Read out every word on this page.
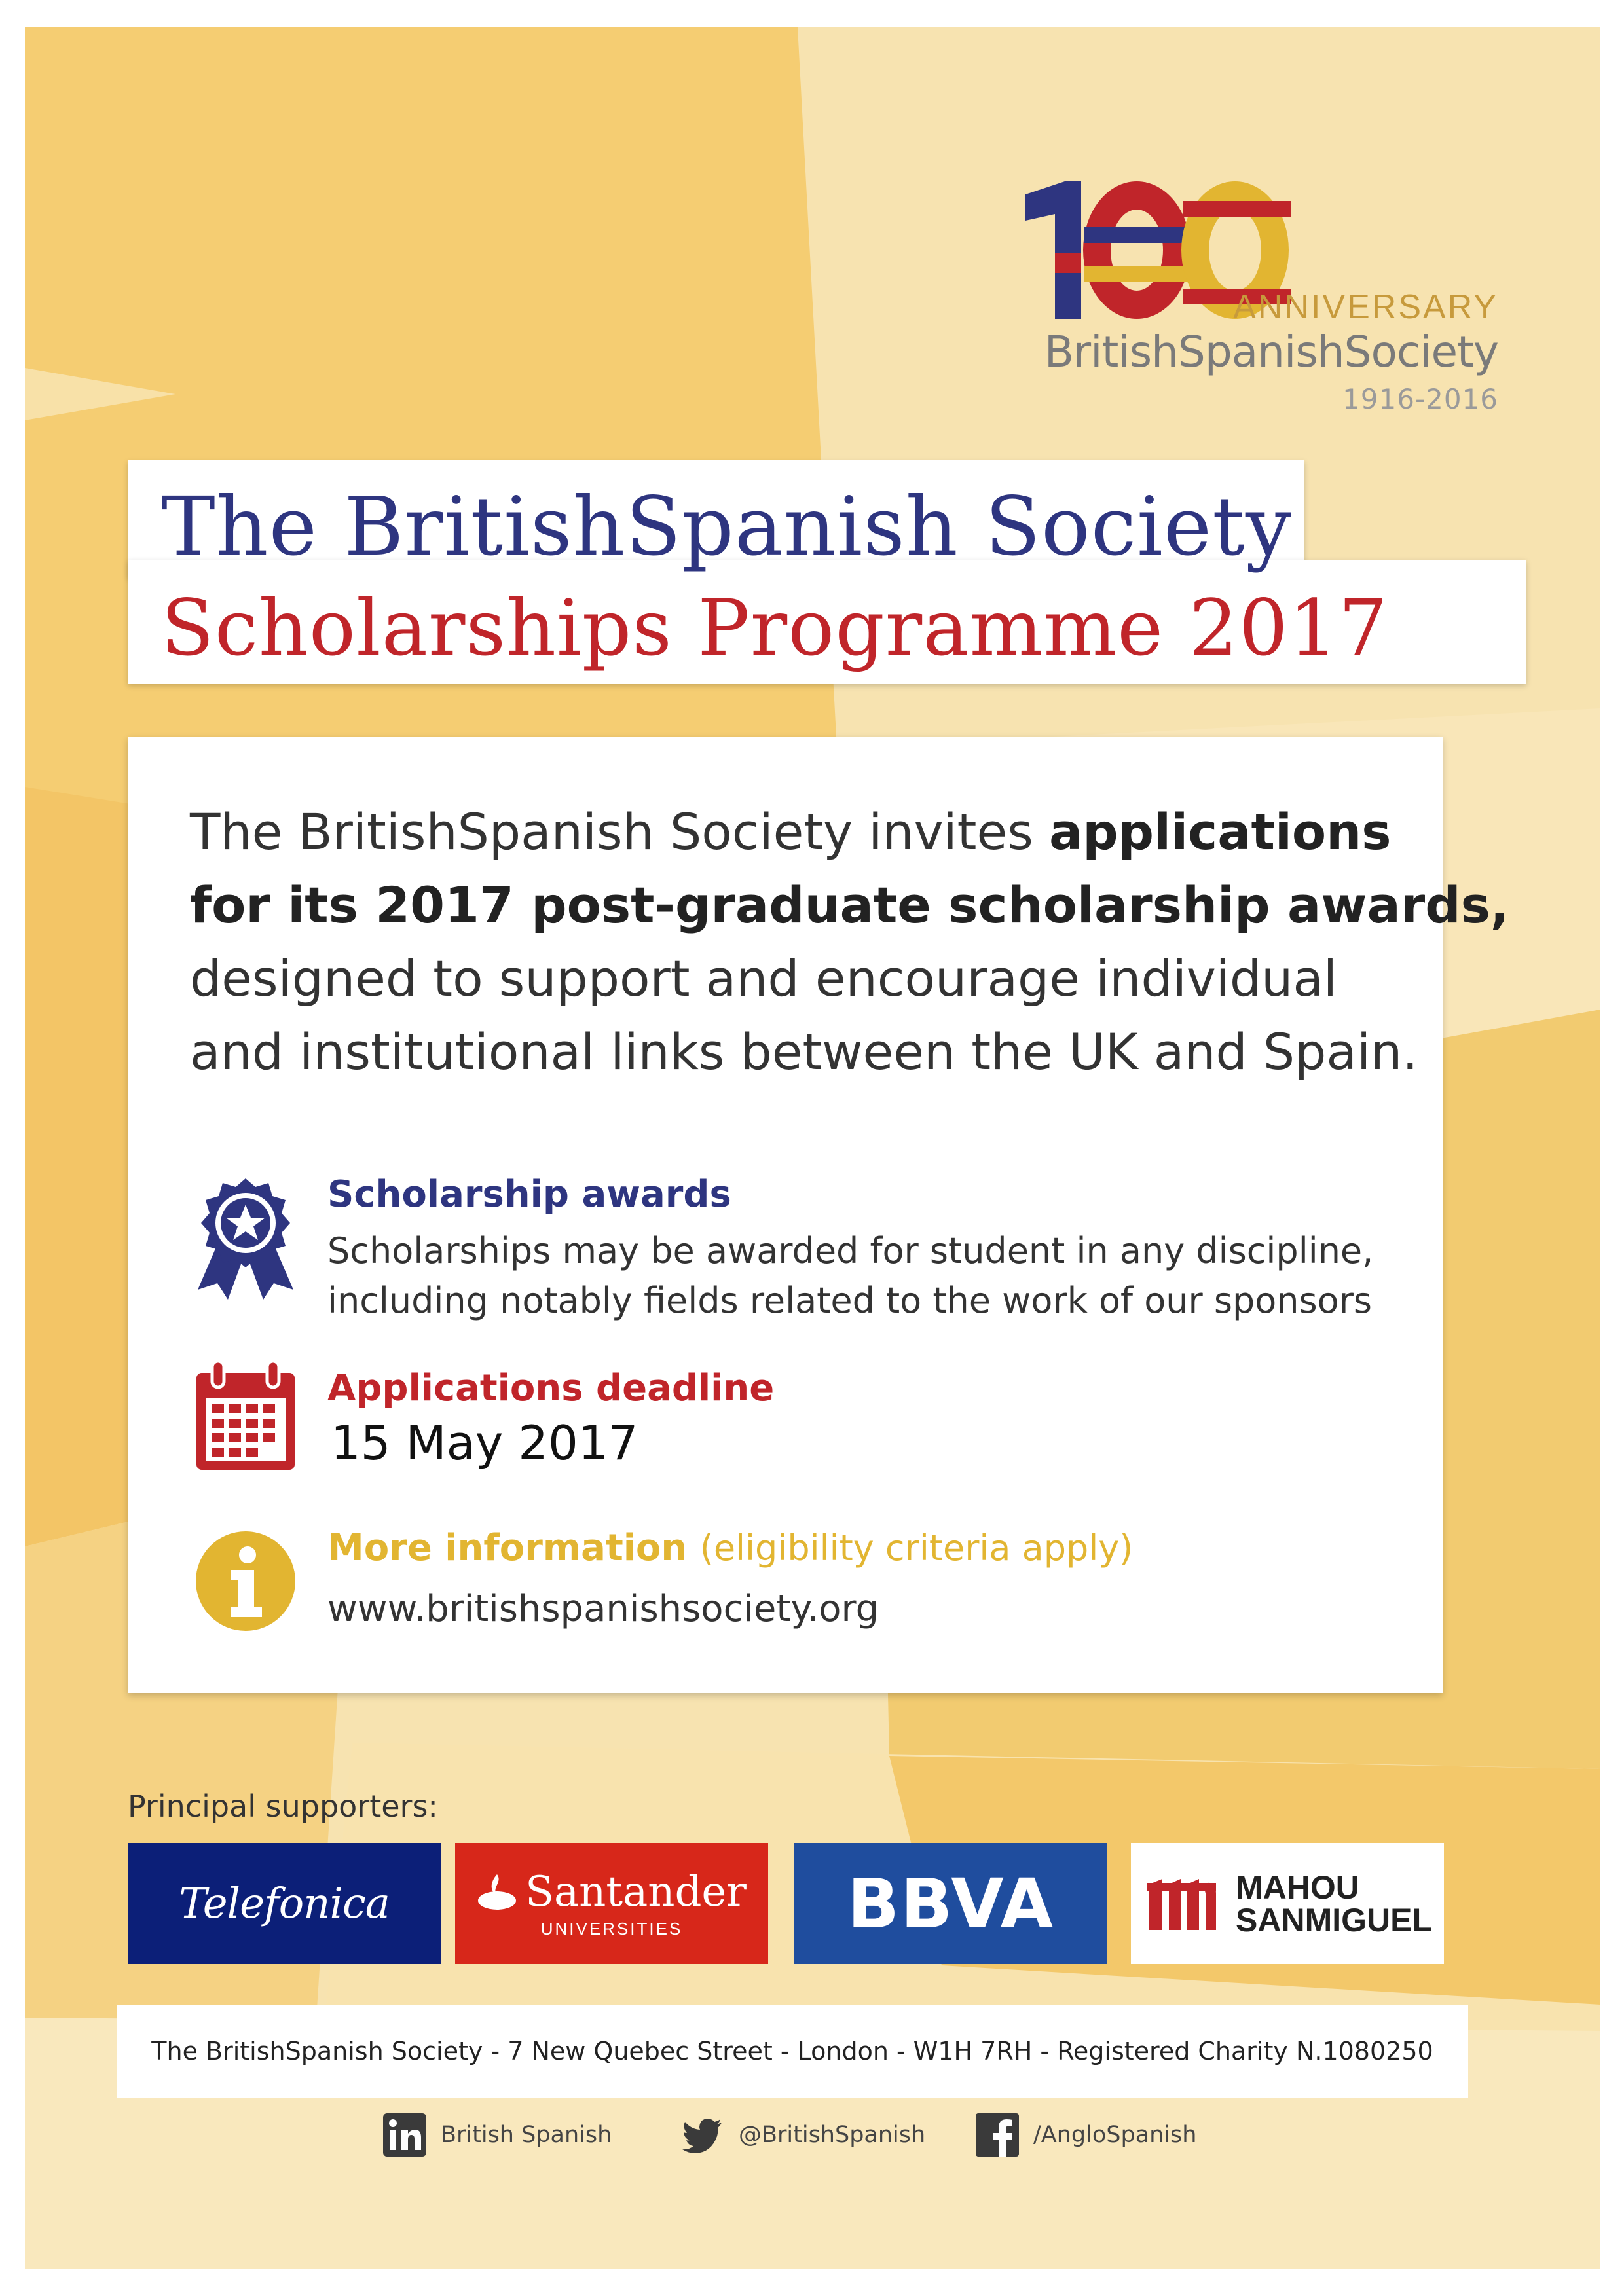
ANNIVERSARY
BritishSpanishSociety
1916-2016
The BritishSpanish Society
Scholarships Programme 2017
The BritishSpanish Society invites applications
for its 2017 post-graduate scholarship awards,
designed to support and encourage individual
and institutional links between the UK and Spain.
Scholarship awards
Scholarships may be awarded for student in any discipline,
including notably fields related to the work of our sponsors
Applications deadline
15 May 2017
More information (eligibility criteria apply)
www.britishspanishsociety.org
Principal supporters:
Telefonica	Santander
UNIVERSITIES BBVA	MAHOU
SANMIGUEL
The BritishSpanish Society - 7 New Quebec Street - London - W1H 7RH - Registered Charity N.1080250
British Spanish	@BritishSpanish	/AngloSpanish
